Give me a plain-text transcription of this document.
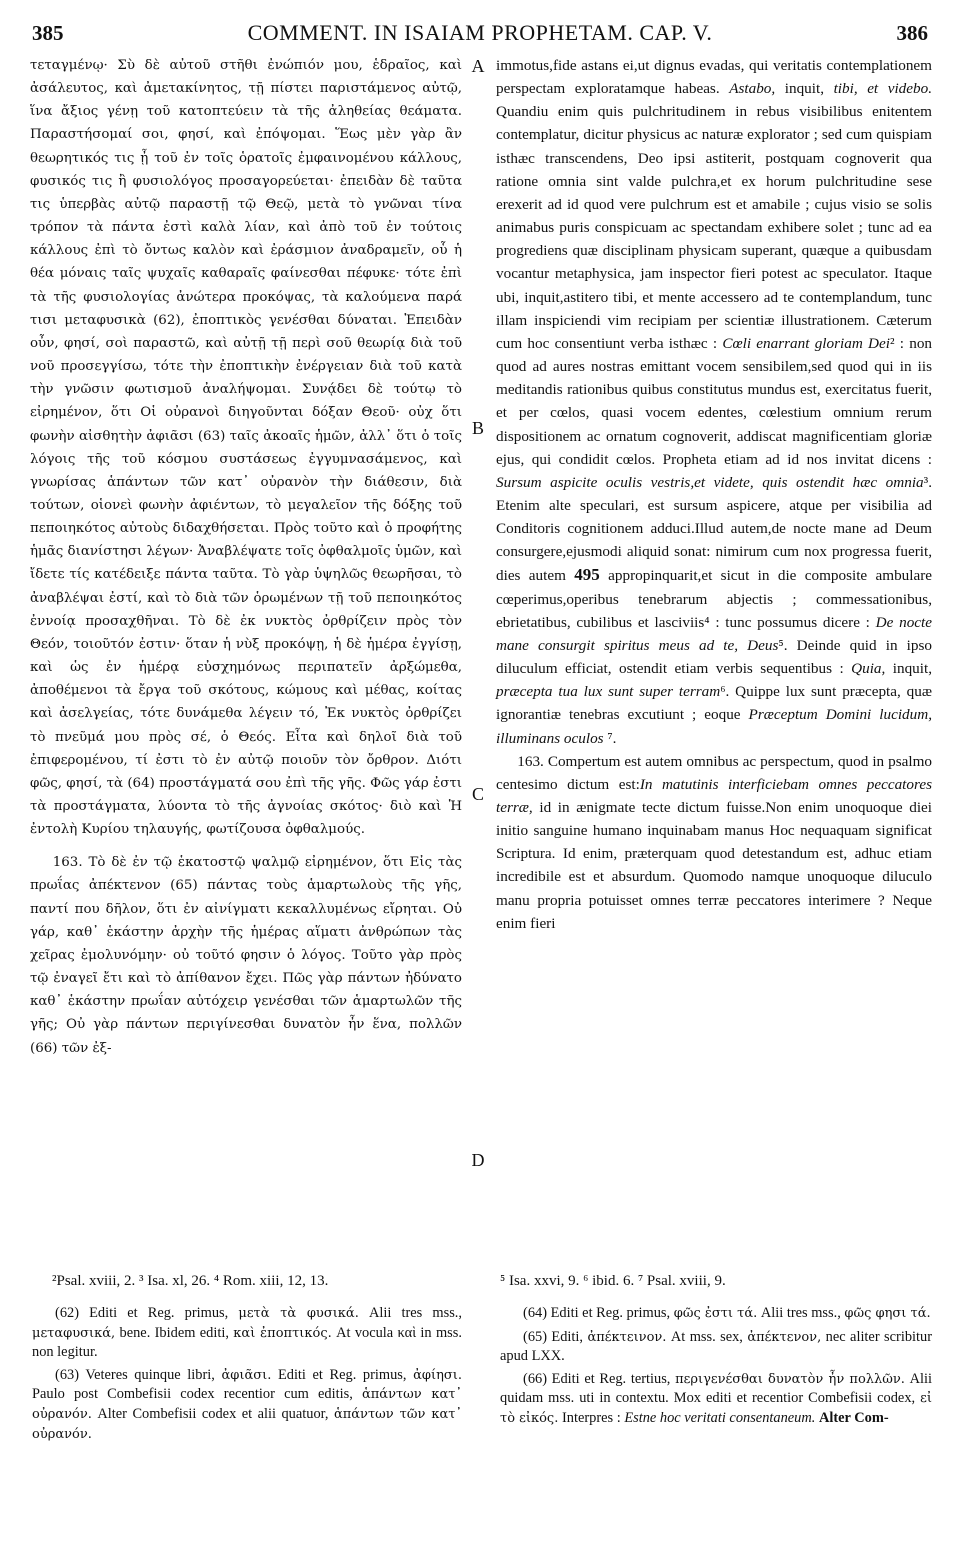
385	COMMENT. IN ISAIAM PROPHETAM. CAP. V.	386

τεταγμένῳ· Σὺ δὲ αὐτοῦ στῆθι ἐνώπιόν μου, ἑδραῖος, καὶ ἀσάλευτος, καὶ ἀμετακίνητος, τῇ πίστει παριστάμενος αὐτῷ, ἵνα ἄξιος γένῃ τοῦ κατοπτεύειν τὰ τῆς ἀληθείας θεάματα. Παραστήσομαί σοι, φησί, καὶ ἐπόψομαι. Ἕως μὲν γὰρ ἂν θεωρητικός τις ᾖ τοῦ ἐν τοῖς ὁρατοῖς ἐμφαινομένου κάλλους, φυσικός τις ἢ φυσιολόγος προσαγορεύεται· ἐπειδὰν δὲ ταῦτα τις ὑπερβὰς αὐτῷ παραστῇ τῷ Θεῷ, μετὰ τὸ γνῶναι τίνα τρόπον τὰ πάντα ἐστὶ καλὰ λίαν, καὶ ἀπὸ τοῦ ἐν τούτοις κάλλους ἐπὶ τὸ ὄντως καλὸν καὶ ἐράσμιον ἀναδραμεῖν, οὗ ἡ θέα μόναις ταῖς ψυχαῖς καθαραῖς φαίνεσθαι πέφυκε· τότε ἐπὶ τὰ τῆς φυσιολογίας ἀνώτερα προκόψας, τὰ καλούμενα παρά τισι μεταφυσικὰ (62), ἐποπτικὸς γενέσθαι δύναται. Ἐπειδὰν οὖν, φησί, σοὶ παραστῶ, καὶ αὐτῇ τῇ περὶ σοῦ θεωρίᾳ διὰ τοῦ νοῦ προσεγγίσω, τότε τὴν ἐποπτικὴν ἐνέργειαν διὰ τοῦ κατὰ τὴν γνῶσιν φωτισμοῦ ἀναλήψομαι. Συνᾴδει δὲ τούτῳ τὸ εἰρημένον, ὅτι Οἱ οὐρανοὶ διηγοῦνται δόξαν Θεοῦ· οὐχ ὅτι φωνὴν αἰσθητὴν ἀφιᾶσι (63) ταῖς ἀκοαῖς ἡμῶν, ἀλλ᾽ ὅτι ὁ τοῖς λόγοις τῆς τοῦ κόσμου συστάσεως ἐγγυμνασάμενος, καὶ γνωρίσας ἁπάντων τῶν κατ᾽ οὐρανὸν τὴν διάθεσιν, διὰ τούτων, οἱονεὶ φωνὴν ἀφιέντων, τὸ μεγαλεῖον τῆς δόξης τοῦ πεποιηκότος αὐτοὺς διδαχθήσεται. Πρὸς τοῦτο καὶ ὁ προφήτης ἡμᾶς διανίστησι λέγων· Ἀναβλέψατε τοῖς ὀφθαλμοῖς ὑμῶν, καὶ ἴδετε τίς κατέδειξε πάντα ταῦτα. Τὸ γὰρ ὑψηλῶς θεωρῆσαι, τὸ ἀναβλέψαι ἐστί, καὶ τὸ διὰ τῶν ὁρωμένων τῇ τοῦ πεποιηκότος ἐννοίᾳ προσαχθῆναι. Τὸ δὲ ἐκ νυκτὸς ὀρθρίζειν πρὸς τὸν Θεόν, τοιοῦτόν ἐστιν· ὅταν ἡ νὺξ προκόψῃ, ἡ δὲ ἡμέρα ἐγγίσῃ, καὶ ὡς ἐν ἡμέρᾳ εὐσχημόνως περιπατεῖν ἀρξώμεθα, ἀποθέμενοι τὰ ἔργα τοῦ σκότους, κώμους καὶ μέθας, κοίτας καὶ ἀσελγείας, τότε δυνάμεθα λέγειν τό, Ἐκ νυκτὸς ὀρθρίζει τὸ πνεῦμά μου πρὸς σέ, ὁ Θεός. Εἶτα καὶ δηλοῖ διὰ τοῦ ἐπιφερομένου, τί ἐστι τὸ ἐν αὐτῷ ποιοῦν τὸν ὄρθρον. Διότι φῶς, φησί, τὰ (64) προστάγματά σου ἐπὶ τῆς γῆς. Φῶς γάρ ἐστι τὰ προστάγματα, λύοντα τὸ τῆς ἀγνοίας σκότος· διὸ καὶ Ἡ ἐντολὴ Κυρίου τηλαυγής, φωτίζουσα ὀφθαλμούς.

163. Τὸ δὲ ἐν τῷ ἑκατοστῷ ψαλμῷ εἰρημένον, ὅτι Εἰς τὰς πρωΐας ἀπέκτενον (65) πάντας τοὺς ἁμαρτωλοὺς τῆς γῆς, παντί που δῆλον, ὅτι ἐν αἰνίγματι κεκαλλυμένως εἴρηται. Οὐ γάρ, καθ᾽ ἑκάστην ἀρχὴν τῆς ἡμέρας αἵματι ἀνθρώπων τὰς χεῖρας ἐμολυνόμην· οὐ τοῦτό φησιν ὁ λόγος. Τοῦτο γὰρ πρὸς τῷ ἐναγεῖ ἔτι καὶ τὸ ἀπίθανον ἔχει. Πῶς γὰρ πάντων ἠδύνατο καθ᾽ ἑκάστην πρωΐαν αὐτόχειρ γενέσθαι τῶν ἁμαρτωλῶν τῆς γῆς; Οὐ γὰρ πάντων περιγίνεσθαι δυνατὸν ἦν ἕνα, πολλῶν (66) τῶν ἐξ-

A
B
C
D

immotus,fide astans ei,ut dignus evadas, qui veritatis contemplationem perspectam exploratamque habeas. Astabo, inquit, tibi, et videbo. Quandiu enim quis pulchritudinem in rebus visibilibus enitentem contemplatur, dicitur physicus ac naturæ explorator ; sed cum quispiam isthæc transcendens, Deo ipsi astiterit, postquam cognoverit qua ratione omnia sint valde pulchra,et ex horum pulchritudine sese erexerit ad id quod vere pulchrum est et amabile ; cujus visio se solis animabus puris conspicuam ac spectandam exhibere solet ; tunc ad ea progrediens quæ disciplinam physicam superant, quæque a quibusdam vocantur metaphysica, jam inspector fieri potest ac speculator. Itaque ubi, inquit,astitero tibi, et mente accessero ad te contemplandum, tunc illam inspiciendi vim recipiam per scientiæ illustrationem. Cæterum cum hoc consentiunt verba isthæc : Cœli enarrant gloriam Dei² : non quod ad aures nostras emittant vocem sensibilem,sed quod qui in iis meditandis rationibus quibus constitutus mundus est, exercitatus fuerit, et per cœlos, quasi vocem edentes, cœlestium omnium rerum dispositionem ac ornatum cognoverit, addiscat magnificentiam gloriæ ejus, qui condidit cœlos. Propheta etiam ad id nos invitat dicens : Sursum aspicite oculis vestris,et videte, quis ostendit hæc omnia³. Etenim alte speculari, est sursum aspicere, atque per visibilia ad Conditoris cognitionem adduci.Illud autem,de nocte mane ad Deum consurgere,ejusmodi aliquid sonat: nimirum cum nox progressa fuerit, dies autem 495 appropinquarit,et sicut in die composite ambulare cœperimus,operibus tenebrarum abjectis ; commessationibus, ebrietatibus, cubilibus et lasciviis⁴ : tunc possumus dicere : De nocte mane consurgit spiritus meus ad te, Deus⁵. Deinde quid in ipso diluculum efficiat, ostendit etiam verbis sequentibus : Quia, inquit, præcepta tua lux sunt super terram⁶. Quippe lux sunt præcepta, quæ ignorantiæ tenebras excutiunt ; eoque Præceptum Domini lucidum, illuminans oculos ⁷.

163. Compertum est autem omnibus ac perspectum, quod in psalmo centesimo dictum est:In matutinis interficiebam omnes peccatores terræ, id in ænigmate tecte dictum fuisse.Non enim unoquoque diei initio sanguine humano inquinabam manus Hoc nequaquam significat Scriptura. Id enim, præterquam quod detestandum est, adhuc etiam incredibile est et absurdum. Quomodo namque unoquoque diluculo manu propria potuisset omnes terræ peccatores interimere ? Neque enim fieri

²Psal. xviii, 2. ³ Isa. xl, 26. ⁴ Rom. xiii, 12, 13.	⁵ Isa. xxvi, 9. ⁶ ibid. 6. ⁷ Psal. xviii, 9.

(62) Editi et Reg. primus, μετὰ τὰ φυσικά. Alii tres mss., μεταφυσικά, bene. Ibidem editi, καὶ ἐποπτικός. At vocula καὶ in mss. non legitur.

(63) Veteres quinque libri, ἀφιᾶσι. Editi et Reg. primus, ἀφίησι. Paulo post Combefisii codex recentior cum editis, ἁπάντων κατ᾽ οὐρανόν. Alter Combefisii codex et alii quatuor, ἁπάντων τῶν κατ᾽ οὐρανόν.

(64) Editi et Reg. primus, φῶς ἐστι τά. Alii tres mss., φῶς φησι τά.

(65) Editi, ἀπέκτεινον. At mss. sex, ἀπέκτενον, nec aliter scribitur apud LXX.

(66) Editi et Reg. tertius, περιγενέσθαι δυνατὸν ἦν πολλῶν. Alii quidam mss. uti in contextu. Mox editi et recentior Combefisii codex, εἰ τὸ εἰκός. Interpres : Estne hoc veritati consentaneum. Alter Com-
